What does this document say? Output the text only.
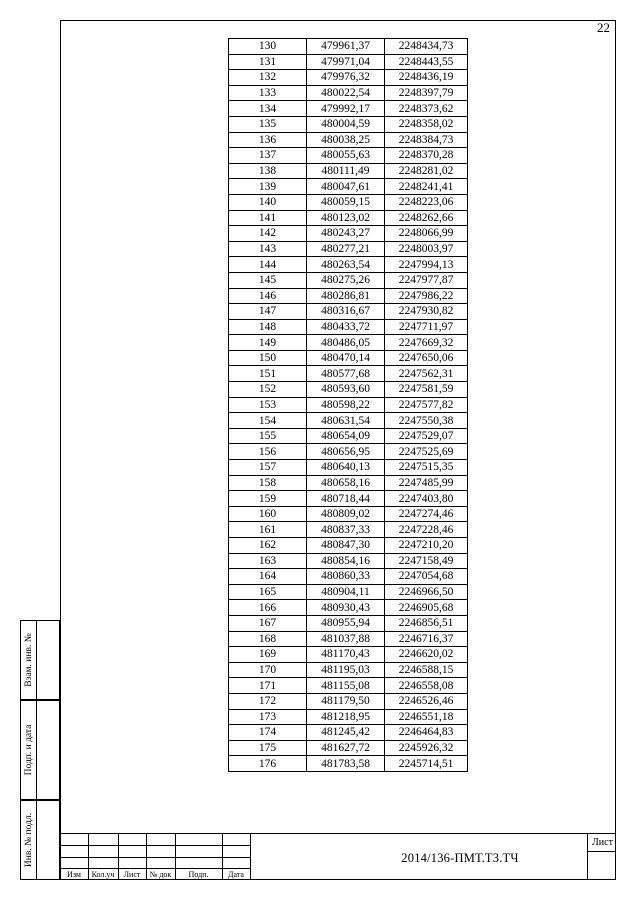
22
130	479961,37	2248434,73
131	479971,04	2248443,55
132	479976,32	2248436,19
133	480022,54	2248397,79
134	479992,17	2248373,62
135	480004,59	2248358,02
136	480038,25	2248384,73
137	480055,63	2248370,28
138	480111,49	2248281,02
139	480047,61	2248241,41
140	480059,15	2248223,06
141	480123,02	2248262,66
142	480243,27	2248066,99
143	480277,21	2248003,97
144	480263,54	2247994,13
145	480275,26	2247977,87
146	480286,81	2247986,22
147	480316,67	2247930,82
148	480433,72	2247711,97
149	480486,05	2247669,32
150	480470,14	2247650,06
151	480577,68	2247562,31
152	480593,60	2247581,59
153	480598,22	2247577,82
154	480631,54	2247550,38
155	480654,09	2247529,07
156	480656,95	2247525,69
157	480640,13	2247515,35
158	480658,16	2247485,99
159	480718,44	2247403,80
160	480809,02	2247274,46
161	480837,33	2247228,46
162	480847,30	2247210,20
163	480854,16	2247158,49
164	480860,33	2247054,68
165	480904,11	2246966,50
166	480930,43	2246905,68
167	480955,94	2246856,51
168	481037,88	2246716,37
169	481170,43	2246620,02
170	481195,03	2246588,15
171	481155,08	2246558,08
172	481179,50	2246526,46
173	481218,95	2246551,18
174	481245,42	2246464,83
175	481627,72	2245926,32
176	481783,58	2245714,51
Взам. инв. №
Подп. и дата
Инв. № подл.
Изм	Кол.уч	Лист	№ док	Подп.	Дата
2014/136-ПМТ.Т3.ТЧ
Лист
